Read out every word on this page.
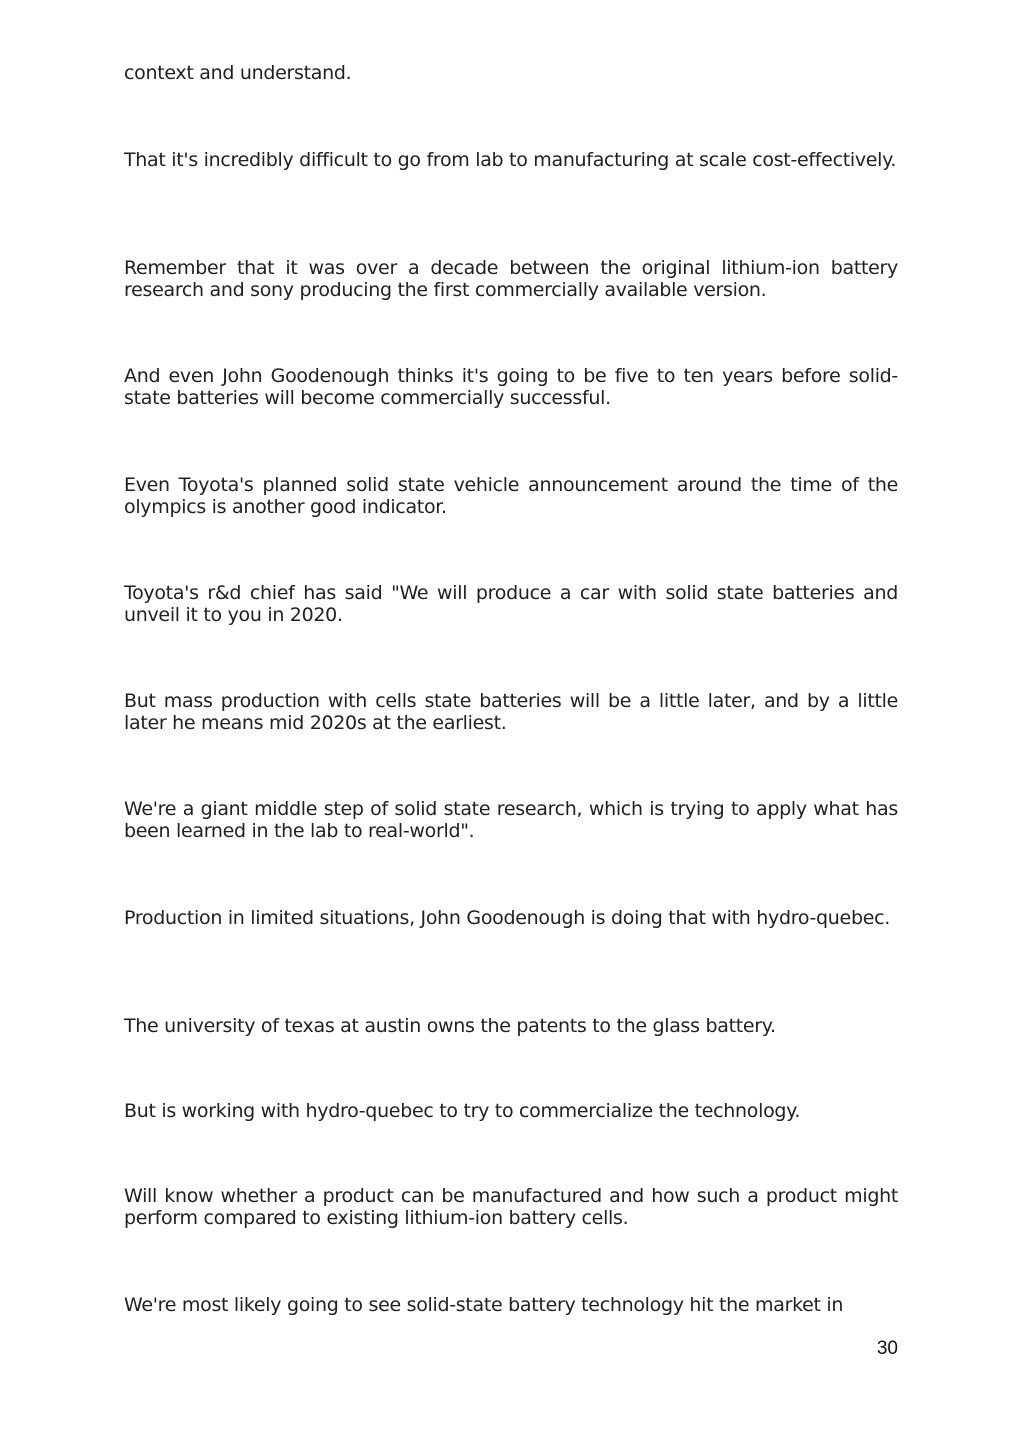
context and understand.

That it's incredibly difficult to go from lab to manufacturing at scale cost-effectively.

Remember that it was over a decade between the original lithium-ion battery research and sony producing the first commercially available version.

And even John Goodenough thinks it's going to be five to ten years before solid-state batteries will become commercially successful.

Even Toyota's planned solid state vehicle announcement around the time of the olympics is another good indicator.

Toyota's r&d chief has said "We will produce a car with solid state batteries and unveil it to you in 2020.

But mass production with cells state batteries will be a little later, and by a little later he means mid 2020s at the earliest.

We're a giant middle step of solid state research, which is trying to apply what has been learned in the lab to real-world".

Production in limited situations, John Goodenough is doing that with hydro-quebec.

The university of texas at austin owns the patents to the glass battery.

But is working with hydro-quebec to try to commercialize the technology.

Will know whether a product can be manufactured and how such a product might perform compared to existing lithium-ion battery cells.

We're most likely going to see solid-state battery technology hit the market in

30
